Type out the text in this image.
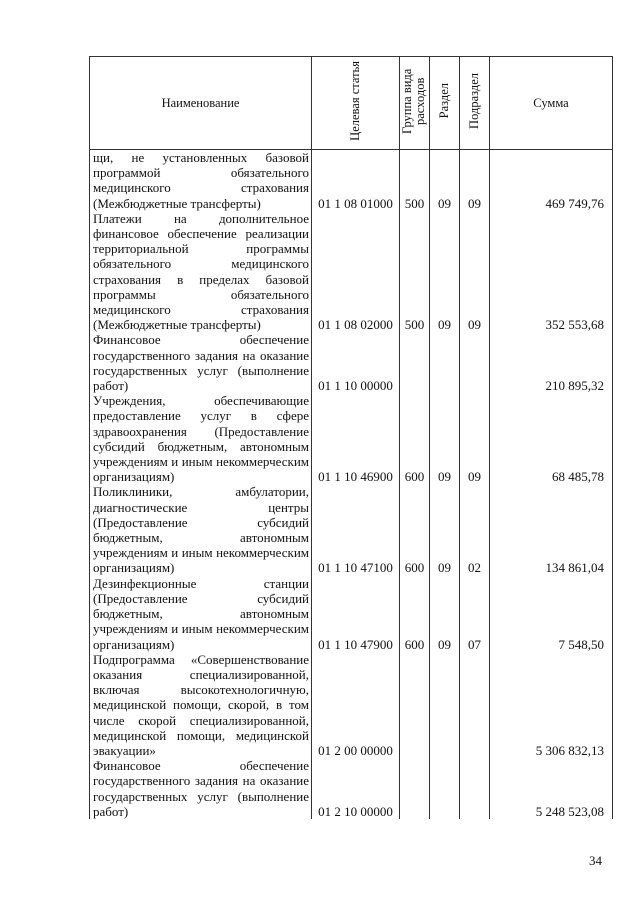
Наименование	Целевая статья	Группа вида расходов	Раздел	Подраздел	Сумма
щи, не установленных базовой программой обязательного медицинского страхования (Межбюджетные трансферты)	01 1 08 01000	500	09	09	469 749,76
Платежи на дополнительное финансовое обеспечение реализации территориальной программы обязательного медицинского страхования в пределах базовой программы обязательного медицинского страхования (Межбюджетные трансферты)	01 1 08 02000	500	09	09	352 553,68
Финансовое обеспечение государственного задания на оказание государственных услуг (выполнение работ)	01 1 10 00000				210 895,32
Учреждения, обеспечивающие предоставление услуг в сфере здравоохранения (Предоставление субсидий бюджетным, автономным учреждениям и иным некоммерческим организациям)	01 1 10 46900	600	09	09	68 485,78
Поликлиники, амбулатории, диагностические центры (Предоставление субсидий бюджетным, автономным учреждениям и иным некоммерческим организациям)	01 1 10 47100	600	09	02	134 861,04
Дезинфекционные станции (Предоставление субсидий бюджетным, автономным учреждениям и иным некоммерческим организациям)	01 1 10 47900	600	09	07	7 548,50
Подпрограмма «Совершенствование оказания специализированной, включая высокотехнологичную, медицинской помощи, скорой, в том числе скорой специализированной, медицинской помощи, медицинской эвакуации»	01 2 00 00000				5 306 832,13
Финансовое обеспечение государственного задания на оказание государственных услуг (выполнение работ)	01 2 10 00000				5 248 523,08
34
